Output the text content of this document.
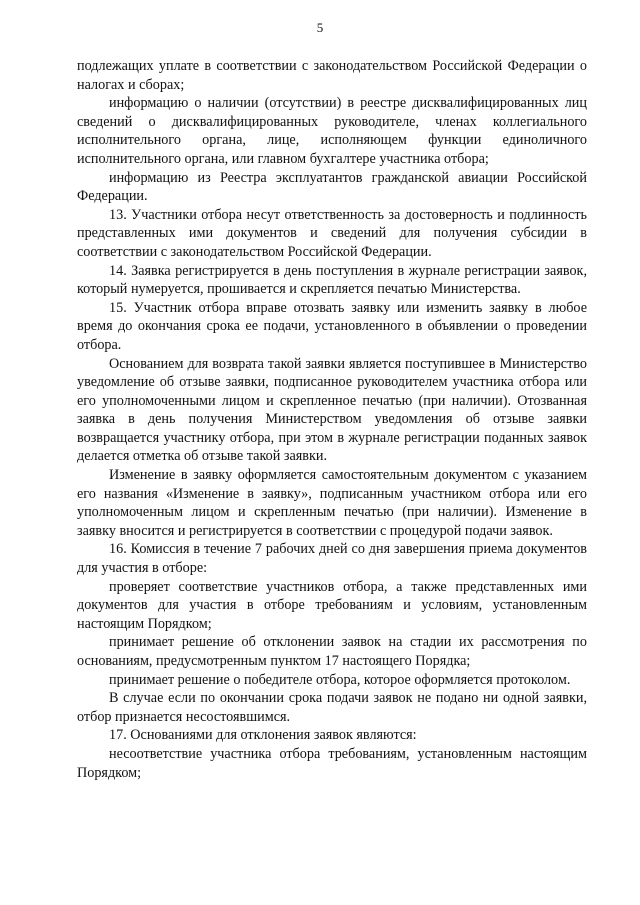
5

подлежащих уплате в соответствии с законодательством Российской Федерации о налогах и сборах;

информацию о наличии (отсутствии) в реестре дисквалифицированных лиц сведений о дисквалифицированных руководителе, членах коллегиального исполнительного органа, лице, исполняющем функции единоличного исполнительного органа, или главном бухгалтере участника отбора;

информацию из Реестра эксплуатантов гражданской авиации Российской Федерации.

13. Участники отбора несут ответственность за достоверность и подлинность представленных ими документов и сведений для получения субсидии в соответствии с законодательством Российской Федерации.

14. Заявка регистрируется в день поступления в журнале регистрации заявок, который нумеруется, прошивается и скрепляется печатью Министерства.

15. Участник отбора вправе отозвать заявку или изменить заявку в любое время до окончания срока ее подачи, установленного в объявлении о проведении отбора.

Основанием для возврата такой заявки является поступившее в Министерство уведомление об отзыве заявки, подписанное руководителем участника отбора или его уполномоченными лицом и скрепленное печатью (при наличии). Отозванная заявка в день получения Министерством уведомления об отзыве заявки возвращается участнику отбора, при этом в журнале регистрации поданных заявок делается отметка об отзыве такой заявки.

Изменение в заявку оформляется самостоятельным документом с указанием его названия «Изменение в заявку», подписанным участником отбора или его уполномоченным лицом и скрепленным печатью (при наличии). Изменение в заявку вносится и регистрируется в соответствии с процедурой подачи заявок.

16. Комиссия в течение 7 рабочих дней со дня завершения приема документов для участия в отборе:

проверяет соответствие участников отбора, а также представленных ими документов для участия в отборе требованиям и условиям, установленным настоящим Порядком;

принимает решение об отклонении заявок на стадии их рассмотрения по основаниям, предусмотренным пунктом 17 настоящего Порядка;

принимает решение о победителе отбора, которое оформляется протоколом.

В случае если по окончании срока подачи заявок не подано ни одной заявки, отбор признается несостоявшимся.

17. Основаниями для отклонения заявок являются:

несоответствие участника отбора требованиям, установленным настоящим Порядком;
